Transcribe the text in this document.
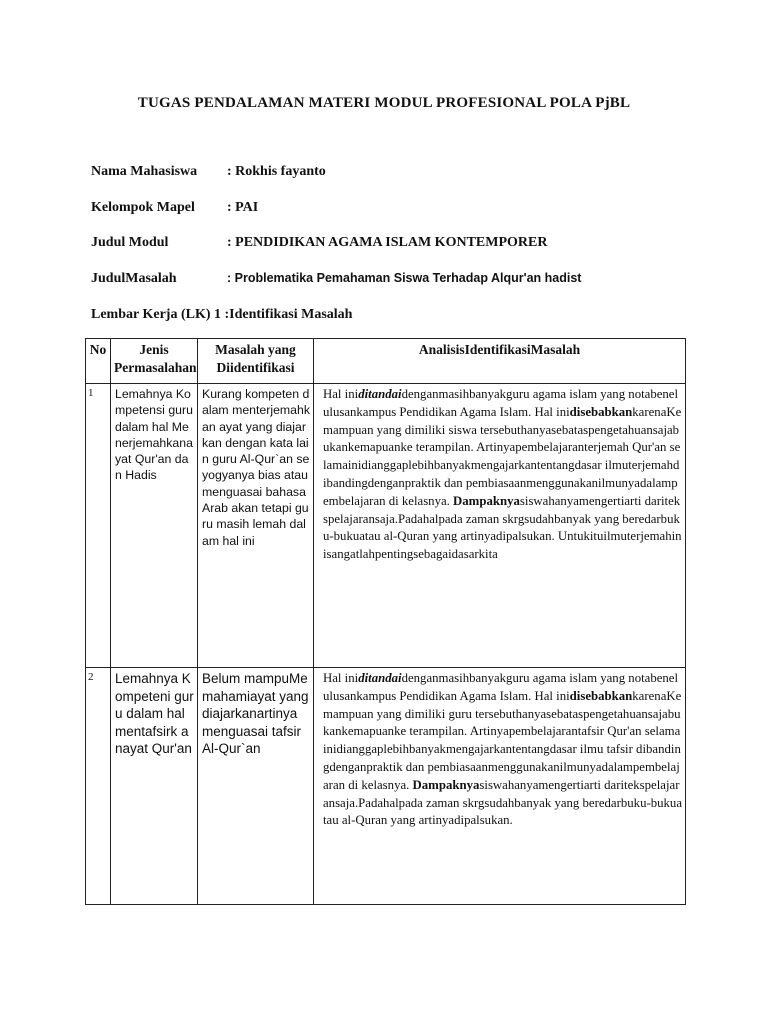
TUGAS PENDALAMAN MATERI MODUL PROFESIONAL POLA PjBL
Nama Mahasiswa : Rokhis fayanto
Kelompok Mapel : PAI
Judul Modul	: PENDIDIKAN AGAMA ISLAM KONTEMPORER
JudulMasalah	: Problematika Pemahaman Siswa Terhadap Alqur'an hadist
Lembar Kerja (LK) 1 :Identifikasi Masalah
No	Jenis Permasalahan	Masalah yang Diidentifikasi	AnalisisIdentifikasiMasalah
1	Lemahnya Kompetensi guru dalam hal Menerjemahkanayat Qur'an dan Hadis	Kurang kompeten dalam menterjemahkan ayat yang diajarkan dengan kata lain guru Al-Qur`an seyogyanya bias atau menguasai bahasa Arab akan tetapi guru masih lemah dalam hal ini	Hal iniditandaidenganmasihbanyakguru agama islam yang notabenelulusankampus Pendidikan Agama Islam. Hal inidisebabkankarenaKemampuan yang dimiliki siswa tersebuthanyasebataspengetahuansajabukankemapuanke terampilan. Artinyapembelajaranterjemah Qur'an selamainidianggaplebihbanyakmengajarkantentangdasar ilmuterjemahdibandingdenganpraktik dan pembiasaanmenggunakanilmunyadalampembelajaran di kelasnya. Dampaknyasiswahanyamengertiarti daritekspelajaransaja.Padahalpada zaman skrgsudahbanyak yang beredarbuku-bukuatau al-Quran yang artinyadipalsukan. Untukituilmuterjemahinisangatlahpentingsebagaidasarkita
2	Lemahnya Kompeteni guru dalam hal mentafsirk anayat Qur'an	Belum mampuMemahamiayat yang diajarkanartinya menguasai tafsir Al-Qur`an	Hal iniditandaidenganmasihbanyakguru agama islam yang notabenelulusankampus Pendidikan Agama Islam. Hal inidisebabkankarenaKemampuan yang dimiliki guru tersebuthanyasebataspengetahuansajabukankemapuanke terampilan. Artinyapembelajarantafsir Qur'an selamainidianggaplebihbanyakmengajarkantentangdasar ilmu tafsir dibandingdenganpraktik dan pembiasaanmenggunakanilmunyadalampembelajaran di kelasnya. Dampaknyasiswahanyamengertiarti daritekspelajaransaja.Padahalpada zaman skrgsudahbanyak yang beredarbuku-bukuatau al-Quran yang artinyadipalsukan.
